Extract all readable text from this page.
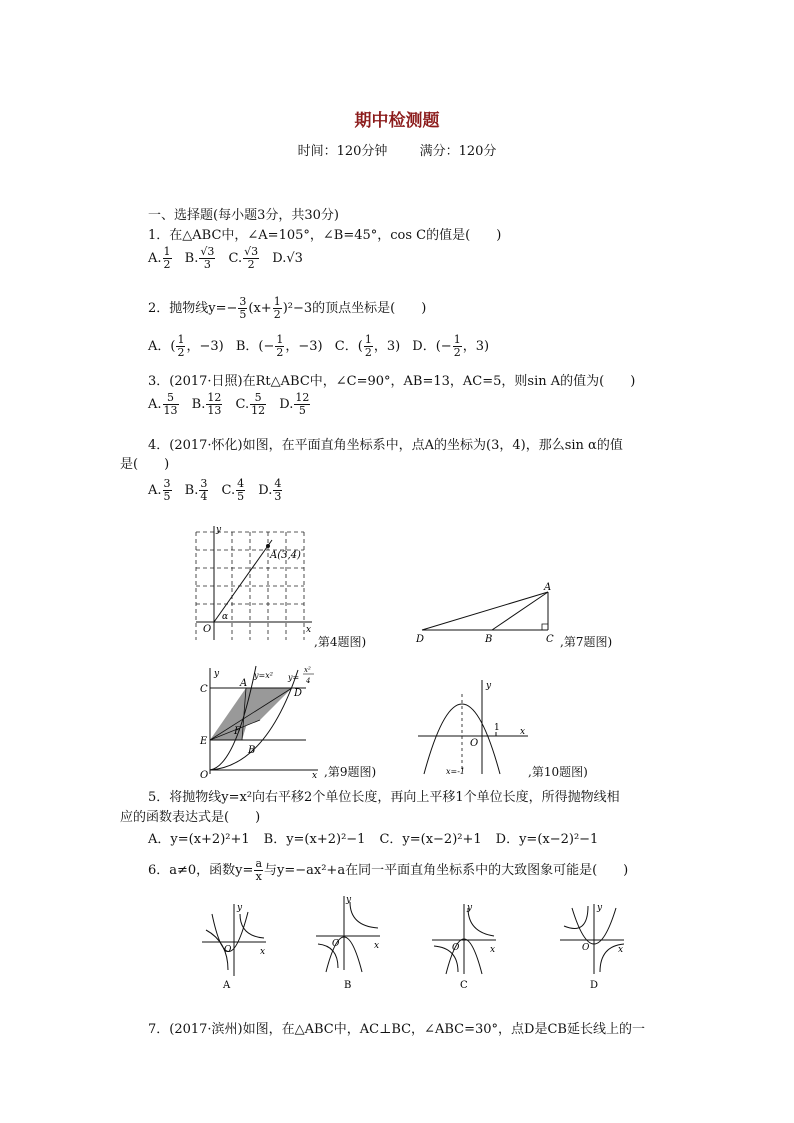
期中检测题
时间：120分钟 满分：120分
一、选择题(每小题3分，共30分)
1．在△ABC中，∠A=105°，∠B=45°，cos C的值是(　　)
A. $\frac{1}{2} B$. $\frac{√3}{3} C$. $\frac{√3}{2} D.√3$
2．抛物线$y=- \frac{3}{5} (x+ \frac{1}{2} )^2-3$的顶点坐标是(　　)
A．( $\frac{1}{2}$ ，−3) B．(− $\frac{1}{2}$ ，−3) C．( $\frac{1}{2}$ ，3) D．(− $\frac{1}{2}$ ，3)
3．(2017·日照)在Rt△ABC中，∠C=90°，AB=13，AC=5，则sin A的值为(　　)
A. $\frac{5}{13} B$. $\frac{12}{13} C$. $\frac{5}{12} D$. $\frac{12}{5}$
4．(2017·怀化)如图，在平面直角坐标系中，点A的坐标为(3，4)，那么sin α的值
是(　　)
A. $\frac{3}{5} B$. $\frac{3}{4} C$. $\frac{4}{5} D$. $\frac{4}{3}$
y
x
O
A(3,4)
α
,第4题图)	D	B	C
A
,第7题图)
y
x
O
C
E
A
D
F
B
y=x² y=
x²
4
,第9题图)
y
x
O
1
x=-1	,第10题图)
5．将抛物线y=x²向右平移2个单位长度，再向上平移1个单位长度，所得抛物线相
应的函数表达式是(　　)
A．y=(x+2)²+1 B．y=(x+2)²−1 C．y=(x−2)²+1 D．y=(x−2)²−1
6．a≠0，函数$y= \frac{a}{x}$ 与y=−ax²+a在同一平面直角坐标系中的大致图象可能是(　　)
y
x
O
A
y
x
O
B
y
x
O
C
y
x
O
D
7．(2017·滨州)如图，在△ABC中，AC⊥BC，∠ABC=30°，点D是CB延长线上的一
